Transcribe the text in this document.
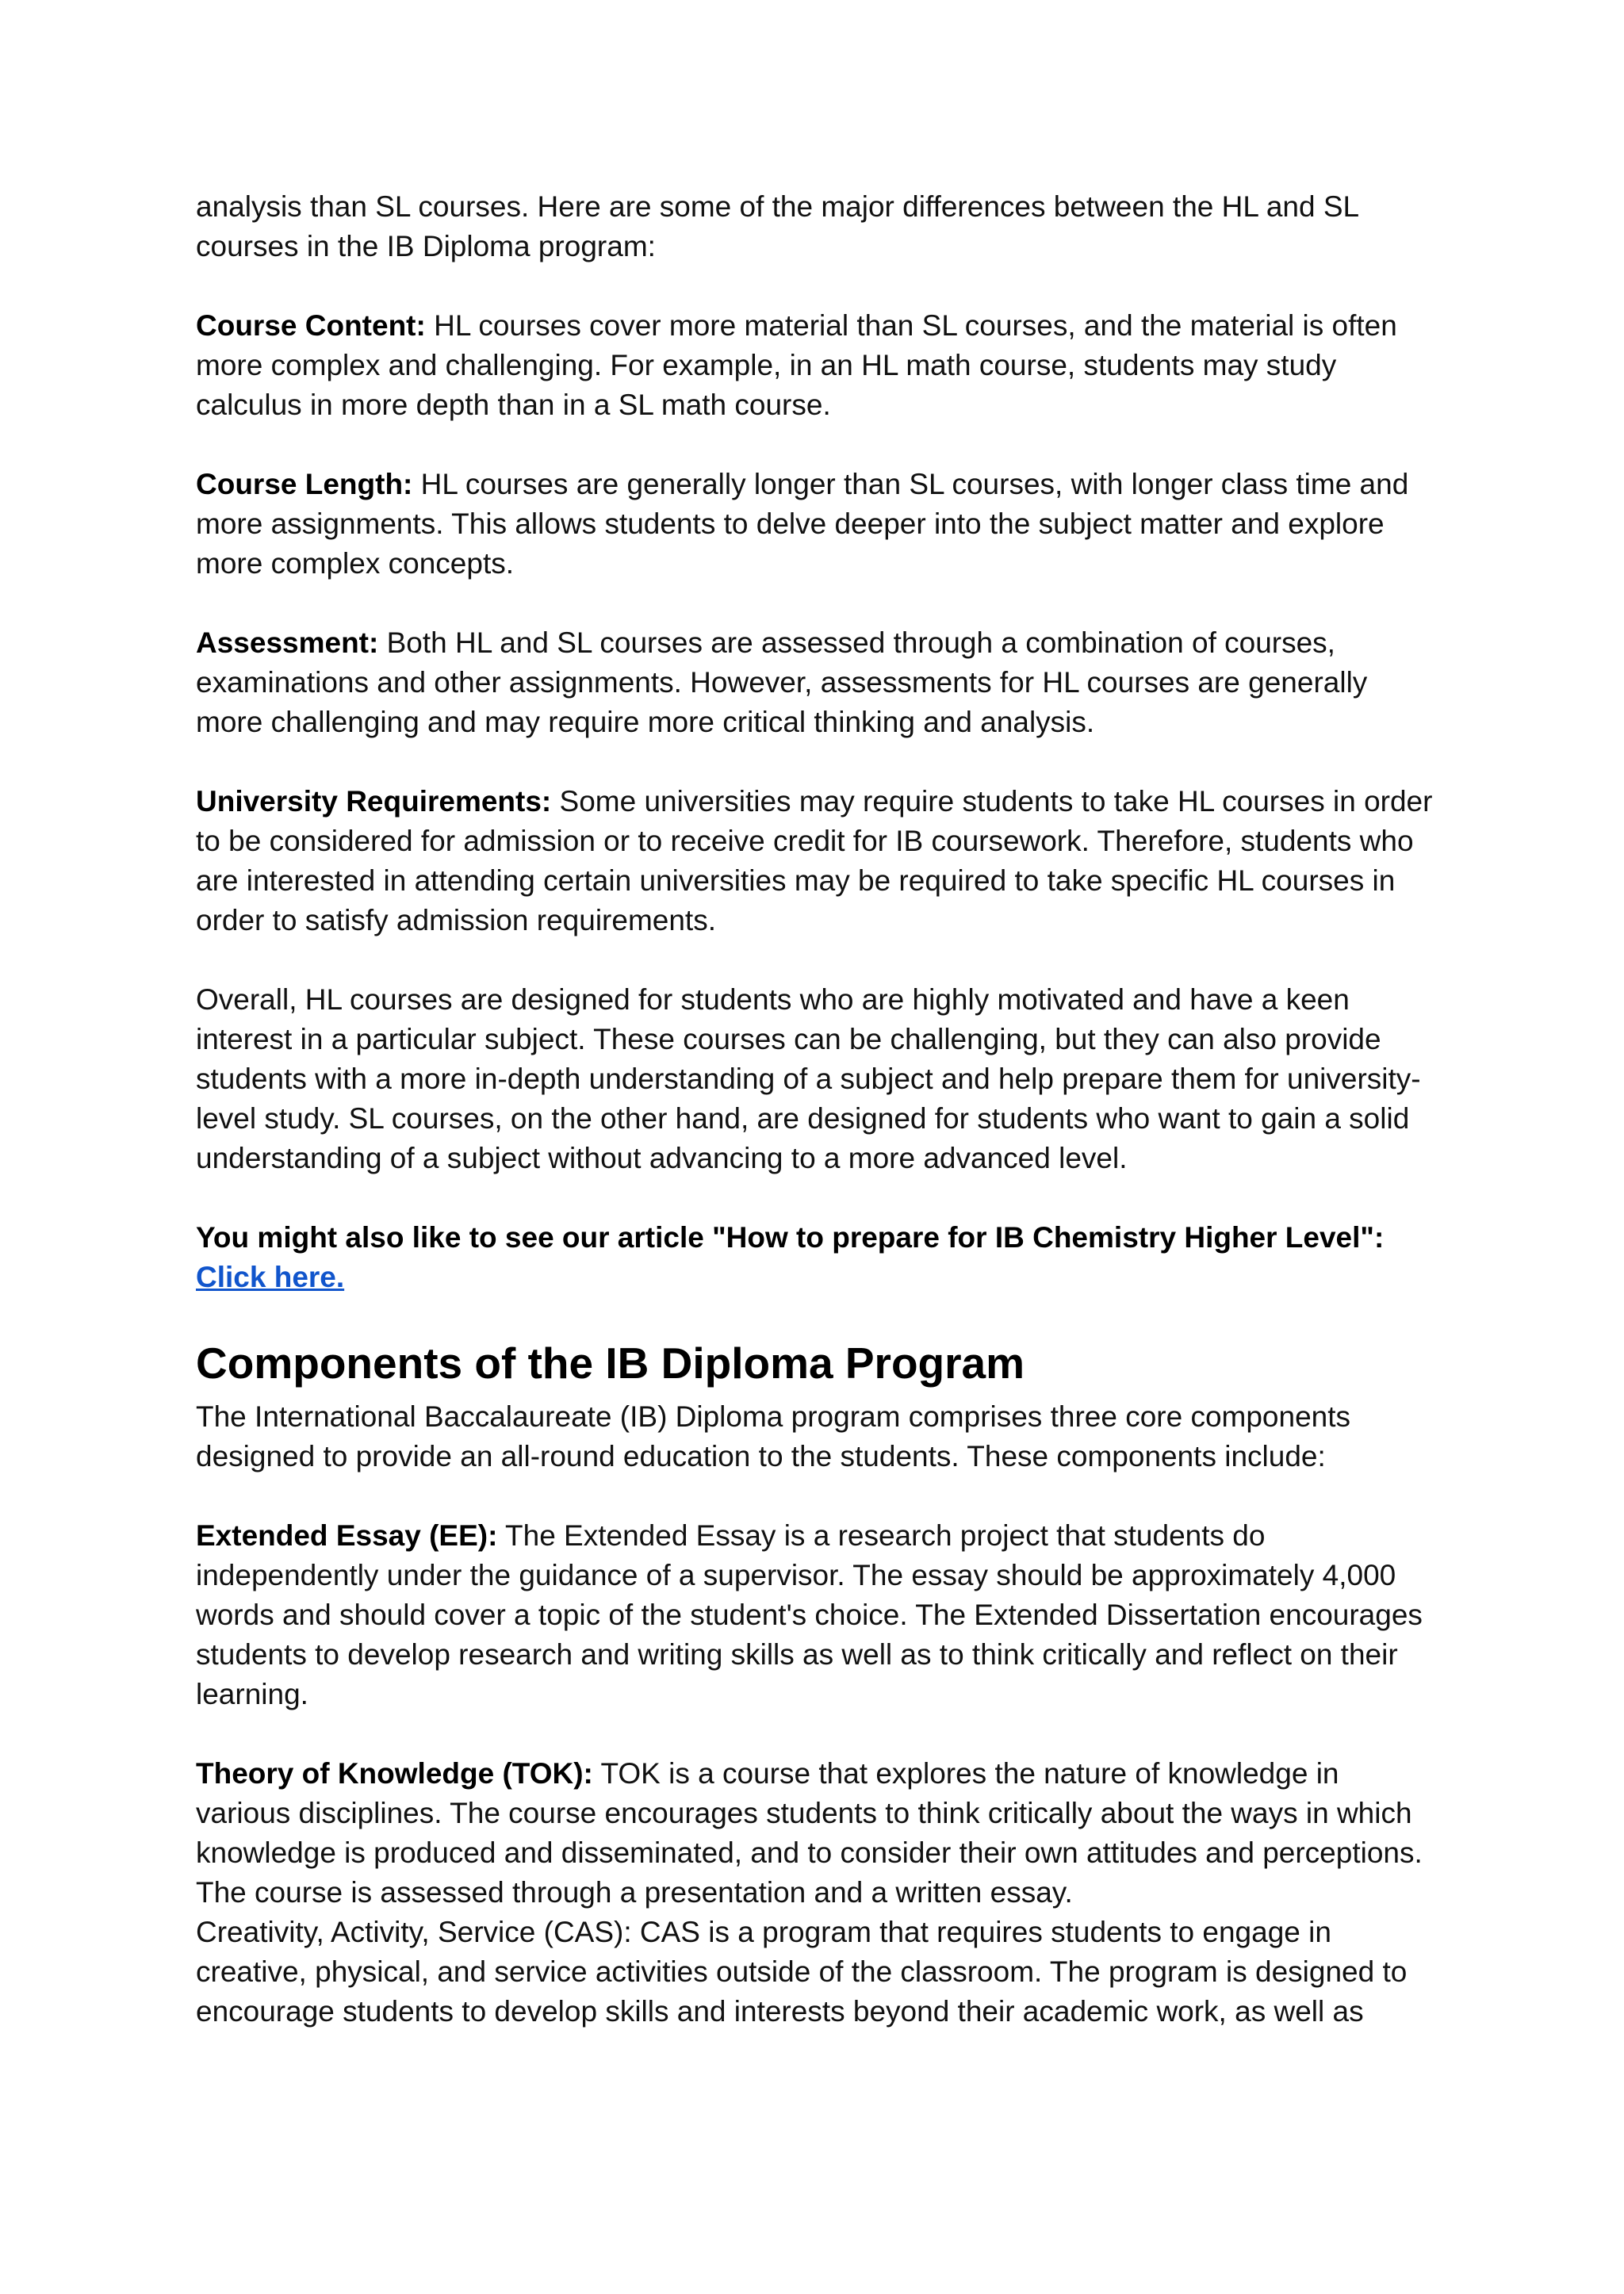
analysis than SL courses. Here are some of the major differences between the HL and SL courses in the IB Diploma program:

Course Content: HL courses cover more material than SL courses, and the material is often more complex and challenging. For example, in an HL math course, students may study calculus in more depth than in a SL math course.

Course Length: HL courses are generally longer than SL courses, with longer class time and more assignments. This allows students to delve deeper into the subject matter and explore more complex concepts.

Assessment: Both HL and SL courses are assessed through a combination of courses, examinations and other assignments. However, assessments for HL courses are generally more challenging and may require more critical thinking and analysis.

University Requirements: Some universities may require students to take HL courses in order to be considered for admission or to receive credit for IB coursework. Therefore, students who are interested in attending certain universities may be required to take specific HL courses in order to satisfy admission requirements.

Overall, HL courses are designed for students who are highly motivated and have a keen interest in a particular subject. These courses can be challenging, but they can also provide students with a more in-depth understanding of a subject and help prepare them for university-level study. SL courses, on the other hand, are designed for students who want to gain a solid understanding of a subject without advancing to a more advanced level.

You might also like to see our article "How to prepare for IB Chemistry Higher Level":
Click here.

Components of the IB Diploma Program

The International Baccalaureate (IB) Diploma program comprises three core components designed to provide an all-round education to the students. These components include:

Extended Essay (EE): The Extended Essay is a research project that students do independently under the guidance of a supervisor. The essay should be approximately 4,000 words and should cover a topic of the student's choice. The Extended Dissertation encourages students to develop research and writing skills as well as to think critically and reflect on their learning.

Theory of Knowledge (TOK): TOK is a course that explores the nature of knowledge in various disciplines. The course encourages students to think critically about the ways in which knowledge is produced and disseminated, and to consider their own attitudes and perceptions. The course is assessed through a presentation and a written essay.

Creativity, Activity, Service (CAS): CAS is a program that requires students to engage in creative, physical, and service activities outside of the classroom. The program is designed to encourage students to develop skills and interests beyond their academic work, as well as
